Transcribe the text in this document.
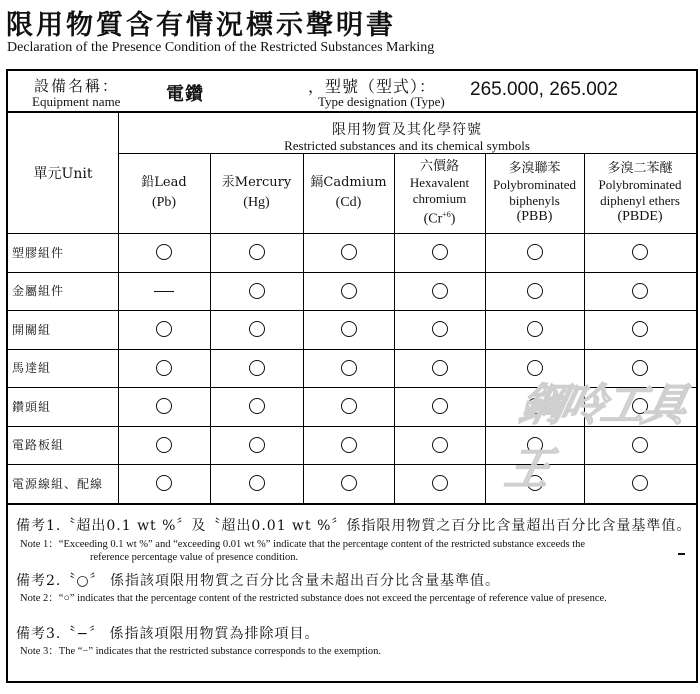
限用物質含有情況標示聲明書
Declaration of the Presence Condition of the Restricted Substances Marking
設備名稱：
Equipment name	電鑽	，型號（型式）：
Type designation (Type)
265.000, 265.002
單元Unit
限用物質及其化學符號
Restricted substances and its chemical symbols
鉛Lead
(Pb)
汞Mercury
(Hg)
鎘Cadmium
(Cd)
六價鉻
Hexavalent
chromium
$(Cr^{+6})$
多溴聯苯
Polybrominated
biphenyls
(PBB)
多溴二苯醚
Polybrominated
diphenyl ethers
(PBDE)
塑膠組件
金屬組件
開關組
馬達組
鑽頭組
電路板組
電源線組、配線
鋼呤工具王
備考1.〝超出0.1 wt %〞及〝超出0.01 wt %〞係指限用物質之百分比含量超出百分比含量基準值。
Note 1：“Exceeding 0.1 wt %” and “exceeding 0.01 wt %” indicate that the percentage content of the restricted substance exceeds the
reference percentage value of presence condition.
備考2.〝○〞 係指該項限用物質之百分比含量未超出百分比含量基準值。
Note 2：“○” indicates that the percentage content of the restricted substance does not exceed the percentage of reference value of presence.
備考3.〝−〞 係指該項限用物質為排除項目。
Note 3：The “−” indicates that the restricted substance corresponds to the exemption.
